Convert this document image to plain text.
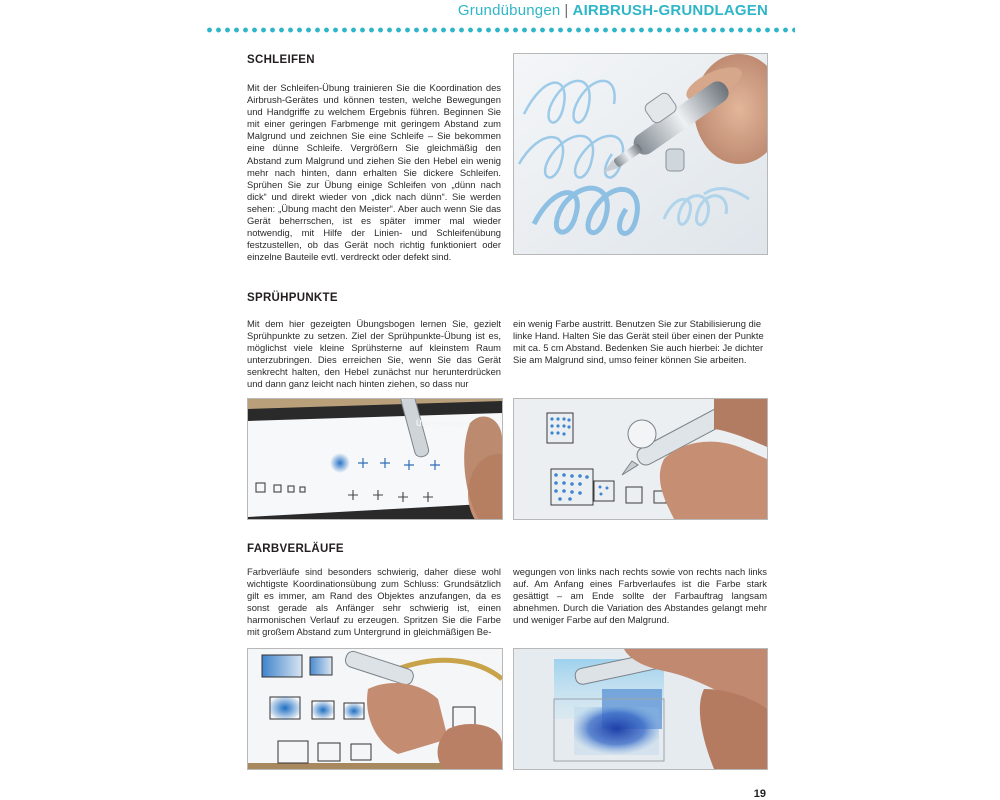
Grundübungen | AIRBRUSH-GRUNDLAGEN
SCHLEIFEN
Mit der Schleifen-Übung trainieren Sie die Koordination des Airbrush-Gerätes und können testen, welche Bewegungen und Handgriffe zu welchem Ergebnis führen. Beginnen Sie mit einer geringen Farbmenge mit geringem Abstand zum Malgrund und zeichnen Sie eine Schleife – Sie bekommen eine dünne Schleife. Vergrößern Sie gleichmäßig den Abstand zum Malgrund und ziehen Sie den Hebel ein wenig mehr nach hinten, dann erhalten Sie dickere Schleifen. Sprühen Sie zur Übung einige Schleifen von „dünn nach dick“ und direkt wieder von „dick nach dünn“. Sie werden sehen: „Übung macht den Meister“. Aber auch wenn Sie das Gerät beherrschen, ist es später immer mal wieder notwendig, mit Hilfe der Linien- und Schleifenübung festzustellen, ob das Gerät noch richtig funktioniert oder einzelne Bauteile evtl. verdreckt oder defekt sind.
SPRÜHPUNKTE
Mit dem hier gezeigten Übungsbogen lernen Sie, gezielt Sprühpunkte zu setzen. Ziel der Sprühpunkte-Übung ist es, möglichst viele kleine Sprühsterne auf kleinstem Raum unterzubringen. Dies erreichen Sie, wenn Sie das Gerät senkrecht halten, den Hebel zunächst nur herunterdrücken und dann ganz leicht nach hinten ziehen, so dass nur
ein wenig Farbe austritt. Benutzen Sie zur Stabilisierung die linke Hand. Halten Sie das Gerät steil über einen der Punkte mit ca. 5 cm Abstand. Bedenken Sie auch hierbei: Je dichter Sie am Malgrund sind, umso feiner können Sie arbeiten.
Übungsbogen
FARBVERLÄUFE
Farbverläufe sind besonders schwierig, daher diese wohl wichtigste Koordinationsübung zum Schluss: Grundsätzlich gilt es immer, am Rand des Objektes anzufangen, da es sonst gerade als Anfänger sehr schwierig ist, einen harmonischen Verlauf zu erzeugen. Spritzen Sie die Farbe mit großem Abstand zum Untergrund in gleichmäßigen Be-
wegungen von links nach rechts sowie von rechts nach links auf. Am Anfang eines Farbverlaufes ist die Farbe stark gesättigt – am Ende sollte der Farbauftrag langsam abnehmen. Durch die Variation des Abstandes gelangt mehr und weniger Farbe auf den Malgrund.
19
